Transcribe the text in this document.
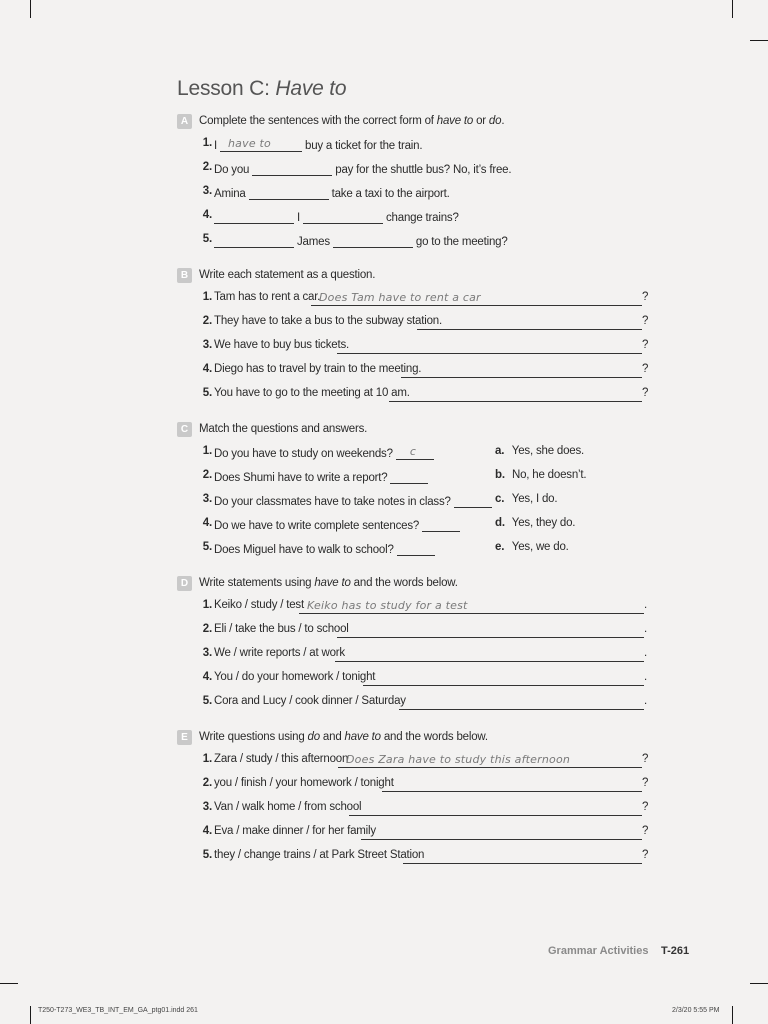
Lesson C: Have to
A Complete the sentences with the correct form of have to or do.
1. I have to	buy a ticket for the train.
2. Do you	pay for the shuttle bus? No, it’s free.
3. Amina	take a taxi to the airport.
4.	I	change trains?
5.	James	go to the meeting?
B Write each statement as a question.
1. Tam has to rent a car.
Does Tam have to rent a car	?
2. They have to take a bus to the subway station.	?
3. We have to buy bus tickets.	?
4. Diego has to travel by train to the meeting.	?
5. You have to go to the meeting at 10 am.	?
C Match the questions and answers.
1. Do you have to study on weekends? c	a. Yes, she does.
2. Does Shumi have to write a report?	b. No, he doesn’t.
3. Do your classmates have to take notes in class?	c. Yes, I do.
4. Do we have to write complete sentences?	d. Yes, they do.
5. Does Miguel have to walk to school?	e. Yes, we do.
D Write statements using have to and the words below.
1. Keiko / study / test Keiko has to study for a test	.
2. Eli / take the bus / to school	.
3. We / write reports / at work	.
4. You / do your homework / tonight	.
5. Cora and Lucy / cook dinner / Saturday	.
E Write questions using do and have to and the words below.
1. Zara / study / this afternoon
Does Zara have to study this afternoon	?
2. you / finish / your homework / tonight	?
3. Van / walk home / from school	?
4. Eva / make dinner / for her family	?
5. they / change trains / at Park Street Station	?
Grammar Activities T-261
T250-T273_WE3_TB_INT_EM_GA_ptg01.indd 261	2/3/20 5:55 PM
